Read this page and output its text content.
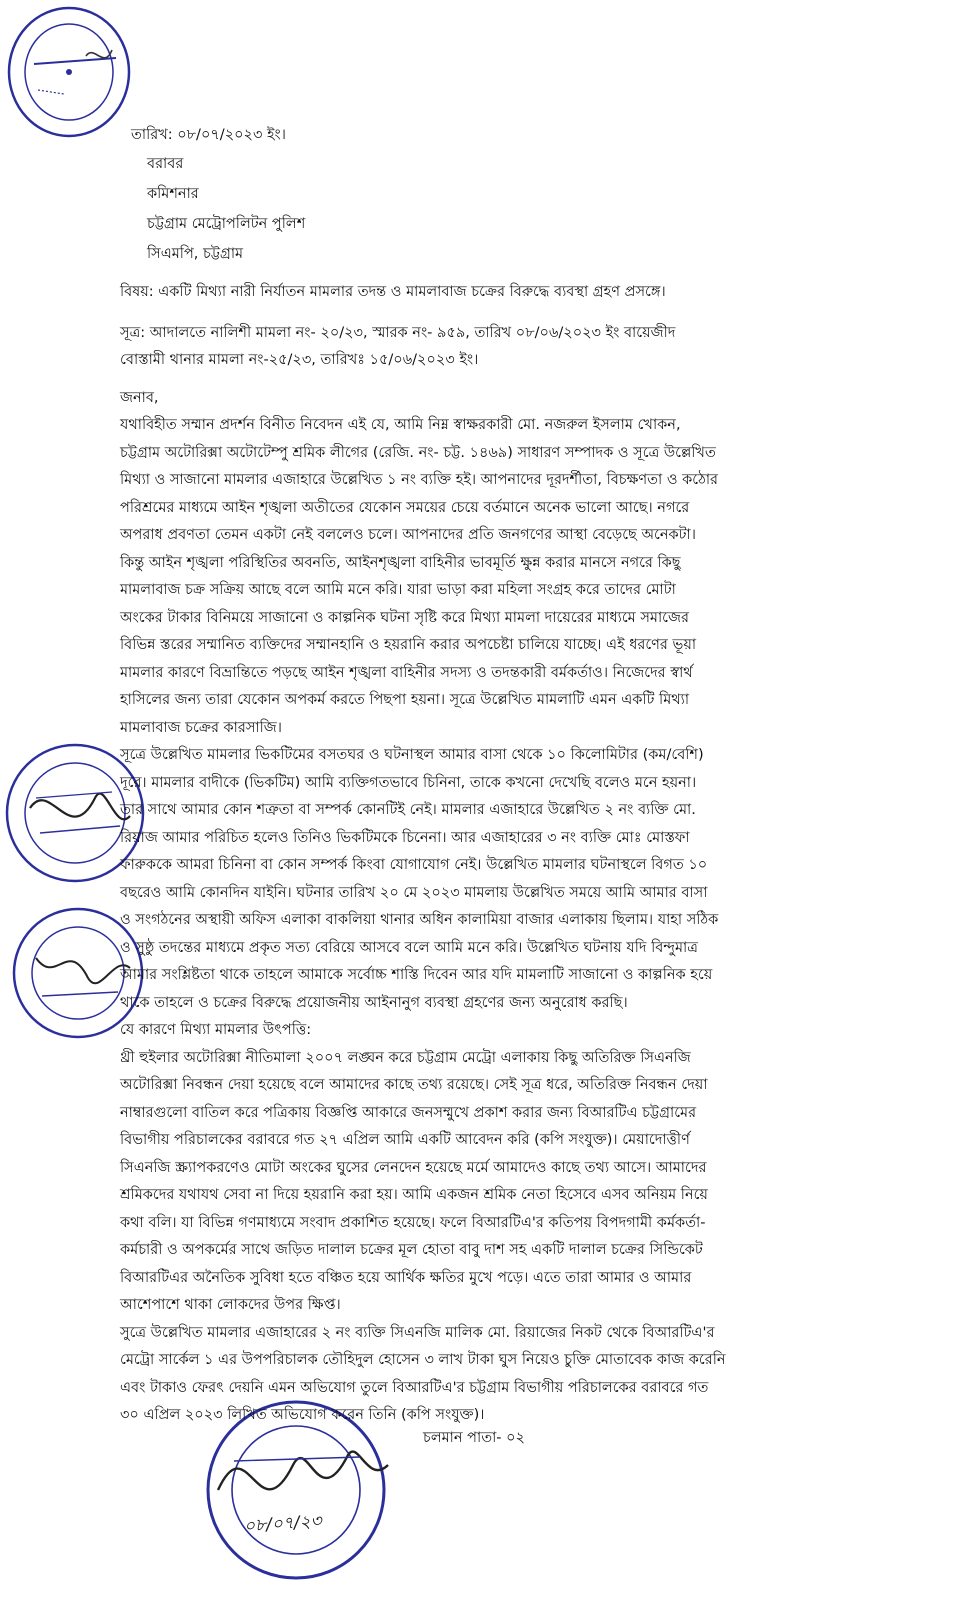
০৮/০৭/২৩
তারিখ: ০৮/০৭/২০২৩ ইং।
বরাবর
কমিশনার
চট্টগ্রাম মেট্রোপলিটন পুলিশ
সিএমপি, চট্টগ্রাম
বিষয়: একটি মিথ্যা নারী নির্যাতন মামলার তদন্ত ও মামলাবাজ চক্রের বিরুদ্ধে ব্যবস্থা গ্রহণ প্রসঙ্গে।
সূত্র: আদালতে নালিশী মামলা নং- ২০/২৩, স্মারক নং- ৯৫৯, তারিখ ০৮/০৬/২০২৩ ইং বায়েজীদ
বোস্তামী থানার মামলা নং-২৫/২৩, তারিখঃ ১৫/০৬/২০২৩ ইং।
জনাব,
যথাবিহীত সম্মান প্রদর্শন বিনীত নিবেদন এই যে, আমি নিম্ন স্বাক্ষরকারী মো. নজরুল ইসলাম খোকন,
চট্টগ্রাম অটোরিক্সা অটোটেম্পু শ্রমিক লীগের (রেজি. নং- চট্ট. ১৪৬৯) সাধারণ সম্পাদক ও সূত্রে উল্লেখিত
মিথ্যা ও সাজানো মামলার এজাহারে উল্লেখিত ১ নং ব্যক্তি হই। আপনাদের দূরদর্শীতা, বিচক্ষণতা ও কঠোর
পরিশ্রমের মাধ্যমে আইন শৃঙ্খলা অতীতের যেকোন সময়ের চেয়ে বর্তমানে অনেক ভালো আছে। নগরে
অপরাধ প্রবণতা তেমন একটা নেই বললেও চলে। আপনাদের প্রতি জনগণের আস্থা বেড়েছে অনেকটা।
কিন্তু আইন শৃঙ্খলা পরিস্থিতির অবনতি, আইনশৃঙ্খলা বাহিনীর ভাবমূর্তি ক্ষুন্ন করার মানসে নগরে কিছু
মামলাবাজ চক্র সক্রিয় আছে বলে আমি মনে করি। যারা ভাড়া করা মহিলা সংগ্রহ করে তাদের মোটা
অংকের টাকার বিনিময়ে সাজানো ও কাল্পনিক ঘটনা সৃষ্টি করে মিথ্যা মামলা দায়েরের মাধ্যমে সমাজের
বিভিন্ন স্তরের সম্মানিত ব্যক্তিদের সম্মানহানি ও হয়রানি করার অপচেষ্টা চালিয়ে যাচ্ছে। এই ধরণের ভূয়া
মামলার কারণে বিভ্রান্তিতে পড়ছে আইন শৃঙ্খলা বাহিনীর সদস্য ও তদন্তকারী বর্মকর্তাও। নিজেদের স্বার্থ
হাসিলের জন্য তারা যেকোন অপকর্ম করতে পিছপা হয়না। সূত্রে উল্লেখিত মামলাটি এমন একটি মিথ্যা
মামলাবাজ চক্রের কারসাজি।
সূত্রে উল্লেখিত মামলার ভিকটিমের বসতঘর ও ঘটনাস্থল আমার বাসা থেকে ১০ কিলোমিটার (কম/বেশি)
দূরে। মামলার বাদীকে (ভিকটিম) আমি ব্যক্তিগতভাবে চিনিনা, তাকে কখনো দেখেছি বলেও মনে হয়না।
তার সাথে আমার কোন শত্রুতা বা সম্পর্ক কোনটিই নেই। মামলার এজাহারে উল্লেখিত ২ নং ব্যক্তি মো.
রিয়াজ আমার পরিচিত হলেও তিনিও ভিকটিমকে চিনেনা। আর এজাহারের ৩ নং ব্যক্তি মোঃ মোস্তফা
ফারুককে আমরা চিনিনা বা কোন সম্পর্ক কিংবা যোগাযোগ নেই। উল্লেখিত মামলার ঘটনাস্থলে বিগত ১০
বছরেও আমি কোনদিন যাইনি। ঘটনার তারিখ ২০ মে ২০২৩ মামলায় উল্লেখিত সময়ে আমি আমার বাসা
ও সংগঠনের অস্থায়ী অফিস এলাকা বাকলিয়া থানার অধিন কালামিয়া বাজার এলাকায় ছিলাম। যাহা সঠিক
ও সুষ্ঠু তদন্তের মাধ্যমে প্রকৃত সত্য বেরিয়ে আসবে বলে আমি মনে করি। উল্লেখিত ঘটনায় যদি বিন্দুমাত্র
আমার সংশ্লিষ্টতা থাকে তাহলে আমাকে সর্বোচ্চ শাস্তি দিবেন আর যদি মামলাটি সাজানো ও কাল্পনিক হয়ে
থাকে তাহলে ও চক্রের বিরুদ্ধে প্রয়োজনীয় আইনানুগ ব্যবস্থা গ্রহণের জন্য অনুরোধ করছি।
যে কারণে মিথ্যা মামলার উৎপত্তি:
থ্রী হুইলার অটোরিক্সা নীতিমালা ২০০৭ লঙ্ঘন করে চট্টগ্রাম মেট্রো এলাকায় কিছু অতিরিক্ত সিএনজি
অটোরিক্সা নিবন্ধন দেয়া হয়েছে বলে আমাদের কাছে তথ্য রয়েছে। সেই সূত্র ধরে, অতিরিক্ত নিবন্ধন দেয়া
নাম্বারগুলো বাতিল করে পত্রিকায় বিজ্ঞপ্তি আকারে জনসম্মুখে প্রকাশ করার জন্য বিআরটিএ চট্টগ্রামের
বিভাগীয় পরিচালকের বরাবরে গত ২৭ এপ্রিল আমি একটি আবেদন করি (কপি সংযুক্ত)। মেয়াদোত্তীর্ণ
সিএনজি স্ক্র্যাপকরণেও মোটা অংকের ঘুসের লেনদেন হয়েছে মর্মে আমাদেও কাছে তথ্য আসে। আমাদের
শ্রমিকদের যথাযথ সেবা না দিয়ে হয়রানি করা হয়। আমি একজন শ্রমিক নেতা হিসেবে এসব অনিয়ম নিয়ে
কথা বলি। যা বিভিন্ন গণমাধ্যমে সংবাদ প্রকাশিত হয়েছে। ফলে বিআরটিএ'র কতিপয় বিপদগামী কর্মকর্তা-
কর্মচারী ও অপকর্মের সাথে জড়িত দালাল চক্রের মূল হোতা বাবু দাশ সহ একটি দালাল চক্রের সিন্ডিকেট
বিআরটিএর অনৈতিক সুবিধা হতে বঞ্চিত হয়ে আর্থিক ক্ষতির মুখে পড়ে। এতে তারা আমার ও আমার
আশেপাশে থাকা লোকদের উপর ক্ষিপ্ত।
সুত্রে উল্লেখিত মামলার এজাহারের ২ নং ব্যক্তি সিএনজি মালিক মো. রিয়াজের নিকট থেকে বিআরটিএ'র
মেট্রো সার্কেল ১ এর উপপরিচালক তৌহিদুল হোসেন ৩ লাখ টাকা ঘুস নিয়েও চুক্তি মোতাবেক কাজ করেনি
এবং টাকাও ফেরৎ দেয়নি এমন অভিযোগ তুলে বিআরটিএ'র চট্টগ্রাম বিভাগীয় পরিচালকের বরাবরে গত
৩০ এপ্রিল ২০২৩ লিখিত অভিযোগ করেন তিনি (কপি সংযুক্ত)।
চলমান পাতা- ০২
